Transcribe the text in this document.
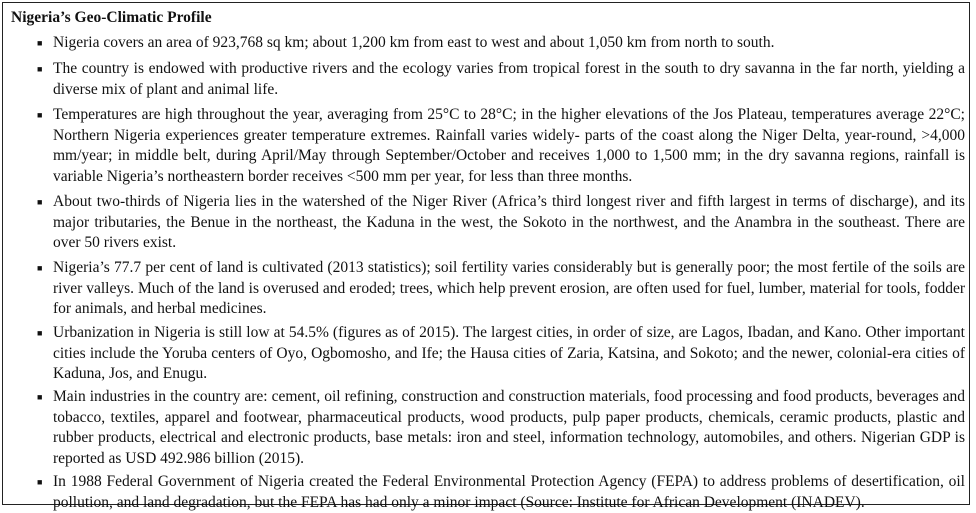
Nigeria’s Geo-Climatic Profile
■ Nigeria covers an area of 923,768 sq km; about 1,200 km from east to west and about 1,050 km from north to south.
■ The country is endowed with productive rivers and the ecology varies from tropical forest in the south to dry savanna in the far north, yielding a diverse mix of plant and animal life.
■ Temperatures are high throughout the year, averaging from 25°C to 28°C; in the higher elevations of the Jos Plateau, temperatures average 22°C; Northern Nigeria experiences greater temperature extremes. Rainfall varies widely- parts of the coast along the Niger Delta, year-round, >4,000 mm/year; in middle belt, during April/May through September/October and receives 1,000 to 1,500 mm; in the dry savanna regions, rainfall is variable Nigeria’s northeastern border receives <500 mm per year, for less than three months.
■ About two-thirds of Nigeria lies in the watershed of the Niger River (Africa’s third longest river and fifth largest in terms of discharge), and its major tributaries, the Benue in the northeast, the Kaduna in the west, the Sokoto in the northwest, and the Anambra in the southeast. There are over 50 rivers exist.
■ Nigeria’s 77.7 per cent of land is cultivated (2013 statistics); soil fertility varies considerably but is generally poor; the most fertile of the soils are river valleys. Much of the land is overused and eroded; trees, which help prevent erosion, are often used for fuel, lumber, material for tools, fodder for animals, and herbal medicines.
■ Urbanization in Nigeria is still low at 54.5% (figures as of 2015). The largest cities, in order of size, are Lagos, Ibadan, and Kano. Other important cities include the Yoruba centers of Oyo, Ogbomosho, and Ife; the Hausa cities of Zaria, Katsina, and Sokoto; and the newer, colonial-era cities of Kaduna, Jos, and Enugu.
■ Main industries in the country are: cement, oil refining, construction and construction materials, food processing and food products, beverages and tobacco, textiles, apparel and footwear, pharmaceutical products, wood products, pulp paper products, chemicals, ceramic products, plastic and rubber products, electrical and electronic products, base metals: iron and steel, information technology, automobiles, and others. Nigerian GDP is reported as USD 492.986 billion (2015).
■ In 1988 Federal Government of Nigeria created the Federal Environmental Protection Agency (FEPA) to address problems of desertification, oil pollution, and land degradation, but the FEPA has had only a minor impact (Source: Institute for African Development (INADEV).
